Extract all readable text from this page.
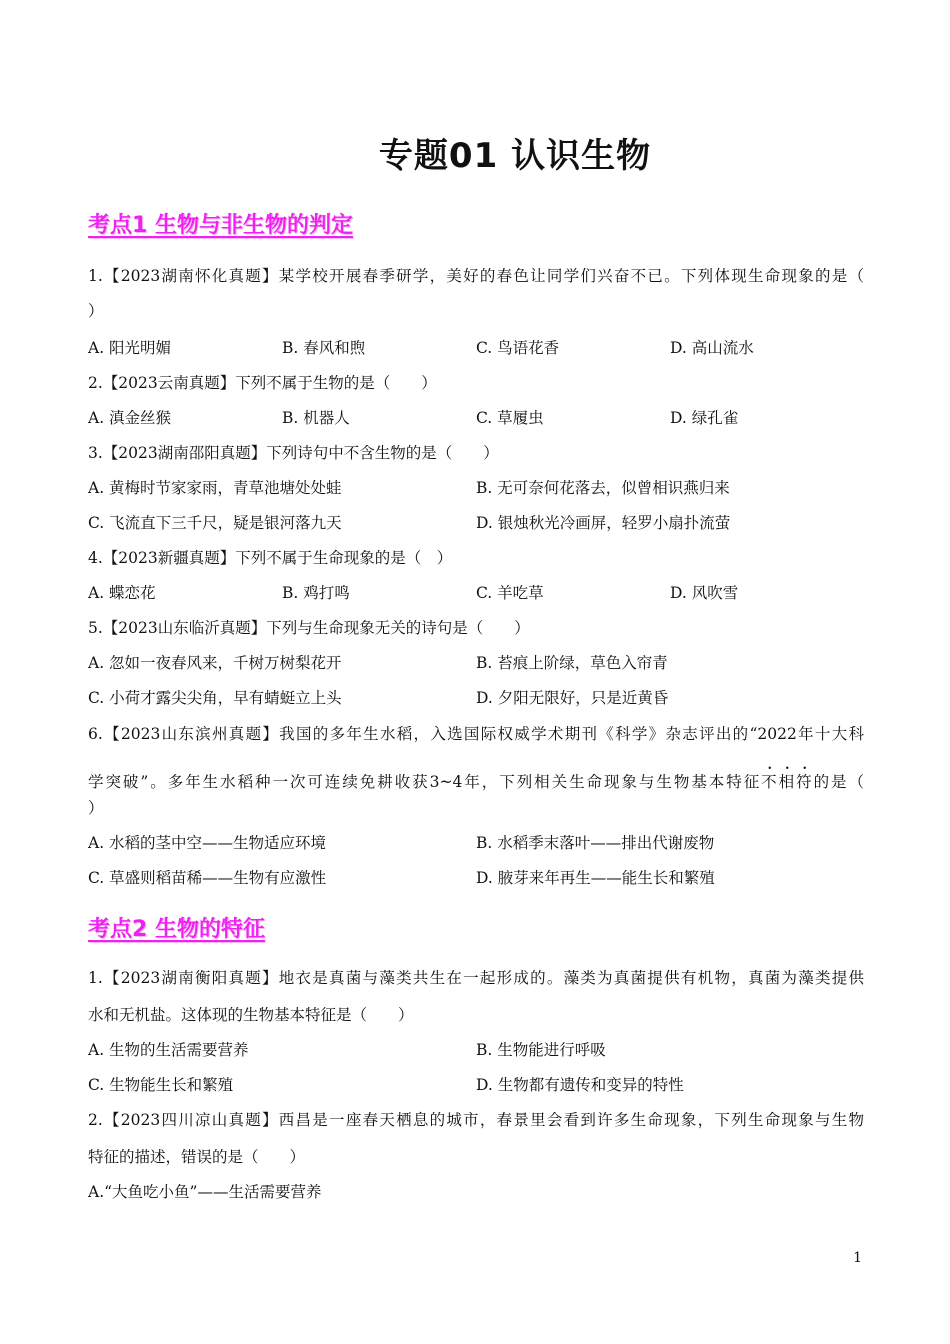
专题01 认识生物
考点1 生物与非生物的判定
1.【2023湖南怀化真题】某学校开展春季研学，美好的春色让同学们兴奋不已。下列体现生命现象的是（
）
A. 阳光明媚	B. 春风和煦	C. 鸟语花香	D. 高山流水
2.【2023云南真题】下列不属于生物的是（　　）
A. 滇金丝猴	B. 机器人	C. 草履虫	D. 绿孔雀
3.【2023湖南邵阳真题】下列诗句中不含生物的是（　　）
A. 黄梅时节家家雨，青草池塘处处蛙	B. 无可奈何花落去，似曾相识燕归来
C. 飞流直下三千尺，疑是银河落九天	D. 银烛秋光冷画屏，轻罗小扇扑流萤
4.【2023新疆真题】下列不属于生命现象的是（　）
A. 蝶恋花	B. 鸡打鸣	C. 羊吃草	D. 风吹雪
5.【2023山东临沂真题】下列与生命现象无关的诗句是（　　）
A. 忽如一夜春风来，千树万树梨花开	B. 苔痕上阶绿，草色入帘青
C. 小荷才露尖尖角，早有蜻蜓立上头	D. 夕阳无限好，只是近黄昏
6.【2023山东滨州真题】我国的多年生水稻，入选国际权威学术期刊《科学》杂志评出的“2022年十大科
学突破”。多年生水稻种一次可连续免耕收获3~4年，下列相关生命现象与生物基本特征不相符的是（
）
A. 水稻的茎中空——生物适应环境	B. 水稻季末落叶——排出代谢废物
C. 草盛则稻苗稀——生物有应激性	D. 腋芽来年再生——能生长和繁殖
考点2 生物的特征
1.【2023湖南衡阳真题】地衣是真菌与藻类共生在一起形成的。藻类为真菌提供有机物，真菌为藻类提供
水和无机盐。这体现的生物基本特征是（　　）
A. 生物的生活需要营养	B. 生物能进行呼吸
C. 生物能生长和繁殖	D. 生物都有遗传和变异的特性
2.【2023四川凉山真题】西昌是一座春天栖息的城市，春景里会看到许多生命现象，下列生命现象与生物
特征的描述，错误的是（　　）
A.“大鱼吃小鱼”——生活需要营养
1
